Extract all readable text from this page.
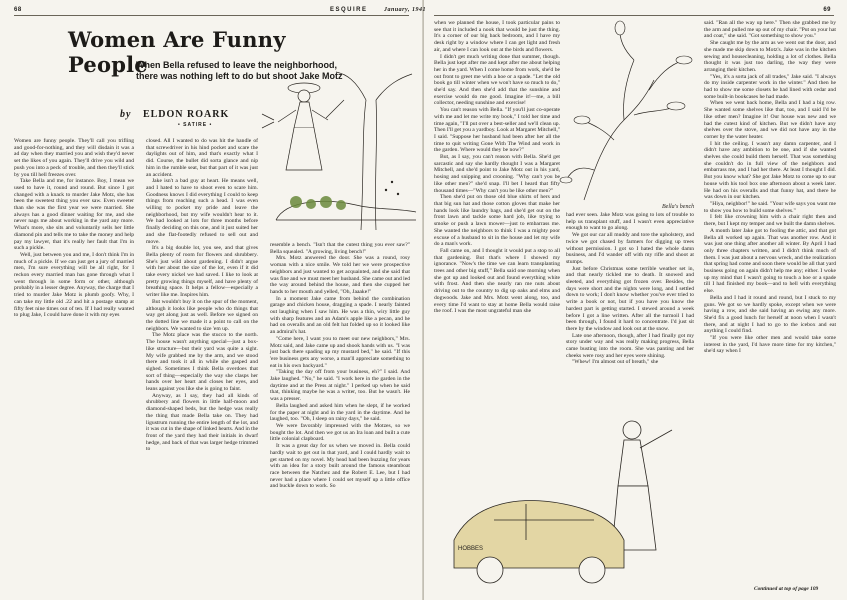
68
Women Are Funny People

When Bella refused to leave the neighborhood, there was nothing left to do but shoot Jake Motz

by ELDON ROARK

• SATIRE •

Women are funny people. They'll call you trifling and good-for-nothing, and they will disdain it was a ad day when they married you and wish they'd never set the likes of you again. They'll drive you wild and push you into a peck of trouble, and then they'll stick by you till hell freezes over.

Take Bella and me, for instance. Boy, I mean we used to have it, round and round. But since I got changed with a knack to murder Jake Motz, she has been the sweetest thing you ever saw. Even sweeter than she was the first year we were married. She always has a good dinner waiting for me, and she never nags me about working in the yard any more. What's more, she sits and voluntarily sells her little diamond pin and tells me to take the money and help pay my lawyer, that it's really her fault that I'm in such a pickle.

Well, just between you and me, I don't think I'm in much of a pickle. If we can just get a jury of married men, I'm sure everything will be all right, for I reckon every married man has gone through what I went through in some form or other, although probably in a lesser degree. Anyway, the charge that I tried to murder Jake Motz is plumb goofy. Why, I can take my little old .22 and hit a postage stamp at fifty feet nine times out of ten. If I had really wanted to plug Jake, I could have done it with my eyes

closed. All I wanted to do was hit the handle of that screwdriver in his hind pocket and scare the daylights out of him, and that's exactly what I did. Course, the bullet did sorta glance and nip him in the rumble seat, but that part of it was just an accident.

Jake isn't a bad guy at heart. He means well, and I hated to have to shoot even to scare him. Goodness knows I did everything I could to keep things from reaching such a head. I was even willing to pocket my pride and leave the neighborhood, but my wife wouldn't hear to it. We had looked at lots for three months before finally deciding on this one, and it just suited her and she flat-footedly refused to sell out and move.

It's a big double lot, you see, and that gives Bella plenty of room for flowers and shrubbery. She's just wild about gardening. I didn't argue with her about the size of the lot, even if it did take every nickel we had saved. I like to look at pretty growing things myself, and have plenty of breathing space. It helps a fellow—especially a writer like me. Inspires him.

But wouldn't buy it on the spur of the moment, although it looks like people who do things that way get along just as well. Before we signed on the dotted line we made it a point to call on the neighbors. We wanted to size 'em up.

The Motz place was the stucco to the north. The house wasn't anything special—just a box-like structure—but their yard was quite a sight. My wife grabbed me by the arm, and we stood there and took it all in while she gasped and sighed. Sometimes I think Bella overdoes that sort of thing—especially the way she clasps her hands over her heart and closes her eyes, and leans against you like she is going to faint.

Anyway, as I say, they had all kinds of shrubbery and flowers in little half-moon and diamond-shaped beds, but the hedge was really the thing that made Bella take on. They had ligustrum running the entire length of the lot, and it was cut in the shape of linked hearts. And in the front of the yard they had their initials in dwarf hedge, and back of that was larger hedge trimmed to

resemble a bench. "Isn't that the cutest thing you ever saw?" Bella squealed. "A growing, living bench!"

Mrs. Motz answered the door. She was a round, rosy woman with a nice smile. We told her we were prospective neighbors and just wanted to get acquainted, and she said that was fine and we must meet her husband. She came out and led the way around behind the house, and then she cupped her hands to her mouth and yelled, "Oh, Jaaake!"

In a moment Jake came from behind the combination garage and chicken house, dragging a spade. I nearly fainted out laughing when I saw him. He was a thin, wiry little guy with sharp features and an Adam's apple like a pecan, and he had on overalls and an old felt hat folded up so it looked like an admiral's hat.

"Come here, I want you to meet our new neighbors," Mrs. Motz said, and Jake came up and shook hands with us. "I was just back there spading up my mustard bed," he said. "If this 'ere business gets any worse, a man'll appreciate something to eat in his own backyard."

"Taking the day off from your business, eh?" I said. And Jake laughed. "No," he said. "I work here in the garden in the daytime and at the Press at night." I perked up when he said that, thinking maybe he was a writer, too. But he wasn't. He was a presser.

Bella laughed and asked him when he slept, if he worked for the paper at night and in the yard in the daytime. And he laughed, too. "Oh, I sleep on rainy days," he said.

We were favorably impressed with the Motzes, so we bought the lot. And then we got us an Ira loan and built a cute little colonial clapboard.

It was a great day for us when we moved in. Bella could hardly wait to get out in that yard, and I could hardly wait to get started on my novel. My head had been buzzing for years with an idea for a story built around the famous steamboat race between the Natchez and the Robert E. Lee, but I had never had a place where I could set myself up a little office and buckle down to work. So

ESQUIRE	January, 1941	69

when we planned the house, I took particular pains to see that it included a nook that would be just the thing. It's a corner of our big back bedroom, and I have my desk right by a window where I can get light and fresh air, and where I can look out at the birds and flowers.

I didn't get much writing done that summer, though. Bella just kept after me and kept after me about helping her in the yard. When I come home from work, she'd be out front to greet me with a hoe or a spade. "Let the old book go till winter when we won't have so much to do," she'd say. And then she'd add that the sunshine and exercise would do me good. Imagine it!—me, a bill collector, needing sunshine and exercise!

You can't reason with Bella. "If you'll just co-operate with me and let me write my book," I told her time and time again, "I'll put over a best-seller and we'll clean up. Then I'll get you a yardboy. Look at Margaret Mitchell," I said. "Suppose her husband had been after her all the time to quit writing Gone With The Wind and work in the garden. Where would they be now?"

But, as I say, you can't reason with Bella. She'd get sarcastic and say she hardly thought I was a Margaret Mitchell, and she'd point to Jake Motz out in his yard, hosing and snipping and crooning. "Why can't you be like other men?" she'd snap. I'll bet I heard that fifty thousand times—"Why can't you be like other men?"

Then she'd put on those old blue shirts of hers and that big sun hat and those cotton gloves that make her hands look like laundry bags, and she'd get out on the front lawn and tackle some hard job, like trying to smoke or push a lawn mower—just to embarrass me. She wanted the neighbors to think I was a mighty poor excuse of a husband to sit in the house and let my wife do a man's work.

Fall came on, and I thought it would put a stop to all that gardening. But that's where I showed my ignorance. "Now's the time we can learn transplanting trees and other big stuff," Bella said one morning when she got up and looked out and found everything white with frost. And then she nearly ran me nuts about driving out to the country to dig up oaks and elms and dogwoods. Jake and Mrs. Motz went along, too, and every time I'd want to stay at home Bella would raise the roof. I was the most ungrateful man she

Bella's bench

had ever seen. Jake Motz was going to lots of trouble to help us transplant stuff, and I wasn't even appreciative enough to want to go along.

We got our car all muddy and tore the upholstery, and twice we got chased by farmers for digging up trees without permission. I got so I hated the whole damn business, and I'd wander off with my rifle and shoot at stumps.

Just before Christmas some terrible weather set in, and that nearly tickled me to death. It snowed and sleeted, and everything got frozen over. Besides, the days were short and the nights were long, and I settled down to work; I don't know whether you've ever tried to write a book or not, but if you have you know the hardest part is getting started. I stewed around a week before I got a line written. After all the turmoil I had been through, I found it hard to concentrate. I'd just sit there by the window and look out at the snow.

Late one afternoon, though, after I had finally got my story under way and was really making progress, Bella came busting into the room. She was panting and her cheeks were rosy and her eyes were shining.

"Whew! I'm almost out of breath," she

HOBBES

said. "Ran all the way up here." Then she grabbed me by the arm and pulled me up out of my chair. "Put on your hat and coat," she said. "Got something to show you."

She caught me by the arm as we went out the door, and she made me skip down to Motz's. Jake was in the kitchen sewing and housecleaning, holding a lot of clothes. Bella thought it was just too darling, the way they were arranging their kitchen.

"Yes, it's a sorta jack of all trades," Jake said. "I always do my inside carpenter work in the winter." And then he had to show me some closets he had lined with cedar and some built-in bookcases he had made.

When we went back home, Bella and I had a big row. She wanted some shelves like that, too, and I said I'd be like other men? Imagine it! Our house was new and we had the cutest kind of kitchen. But we didn't have any shelves over the stove, and we did not have any in the corner by the water heater.

I hit the ceiling. I wasn't any damn carpenter, and I didn't have any ambition to be one, and if she wanted shelves she could build them herself. That was something she couldn't do in full view of the neighbors and embarrass me, and I had her there. At least I thought I did. But you know what? She got Jake Motz to come up to our house with his tool box one afternoon about a week later. He had on his overalls and that funny hat, and there he was down in our kitchen.

"Hiya, neighbor!" he said. "Your wife says you want me to show you how to build some shelves."

I felt like crowning him with a chair right then and there, but I kept my temper and we built the damn shelves.

A month later Jake got to fooling the attic, and that got Bella all worked up again. That was another row. And it was just one thing after another all winter. By April I had only three chapters written, and I didn't think much of them. I was just about a nervous wreck, and the realization that spring had come and soon there would be all that yard business going on again didn't help me any; either. I woke up my mind that I wasn't going to touch a hoe or a spade till I had finished my book—and to hell with everything else.

Bella and I had it round and round, but I stuck to my guns. We got so we hardly spoke, except when we were having a row, and she said having an ewing any more. She'd fix a good lunch for herself at noon when I wasn't there, and at night I had to go to the icebox and eat anything I could find.

"If you were like other men and would take some interest in the yard, I'd have more time for my kitchen," she'd say when I

Continued at top of page 109
